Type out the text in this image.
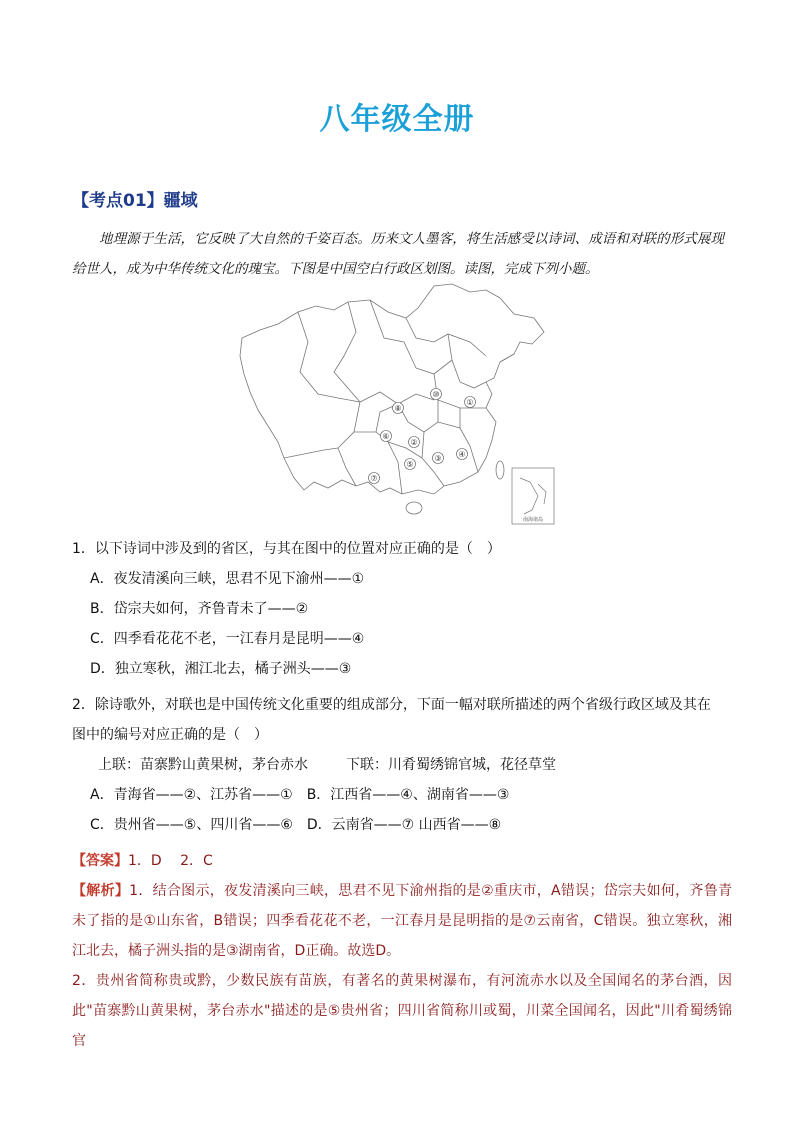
八年级全册
【考点01】疆域
地理源于生活，它反映了大自然的千姿百态。历来文人墨客，将生活感受以诗词、成语和对联的形式展现给世人，成为中华传统文化的瑰宝。下图是中国空白行政区划图。读图，完成下列小题。
①
②
③ ④
⑤
⑥
⑦
⑧
⑩
南海诸岛
1．以下诗词中涉及到的省区，与其在图中的位置对应正确的是（　）
A．夜发清溪向三峡，思君不见下渝州——①
B．岱宗夫如何，齐鲁青未了——②
C．四季看花花不老，一江春月是昆明——④
D．独立寒秋，湘江北去，橘子洲头——③
2．除诗歌外，对联也是中国传统文化重要的组成部分，下面一幅对联所描述的两个省级行政区域及其在图中的编号对应正确的是（　）
上联：苗寨黔山黄果树，茅台赤水	下联：川肴蜀绣锦官城，花径草堂
A．青海省——②、江苏省——① B．江西省——④、湖南省——③
C．贵州省——⑤、四川省——⑥ D．云南省——⑦ 山西省——⑧
【答案】1．D　 2．C

【解析】1．结合图示，夜发清溪向三峡，思君不见下渝州指的是②重庆市，A错误；岱宗夫如何，齐鲁青未了指的是①山东省，B错误；四季看花花不老，一江春月是昆明指的是⑦云南省，C错误。独立寒秋，湘江北去，橘子洲头指的是③湖南省，D正确。故选D。

2．贵州省简称贵或黔，少数民族有苗族，有著名的黄果树瀑布，有河流赤水以及全国闻名的茅台酒，因此"苗寨黔山黄果树，茅台赤水"描述的是⑤贵州省；四川省简称川或蜀，川菜全国闻名，因此"川肴蜀绣锦官
